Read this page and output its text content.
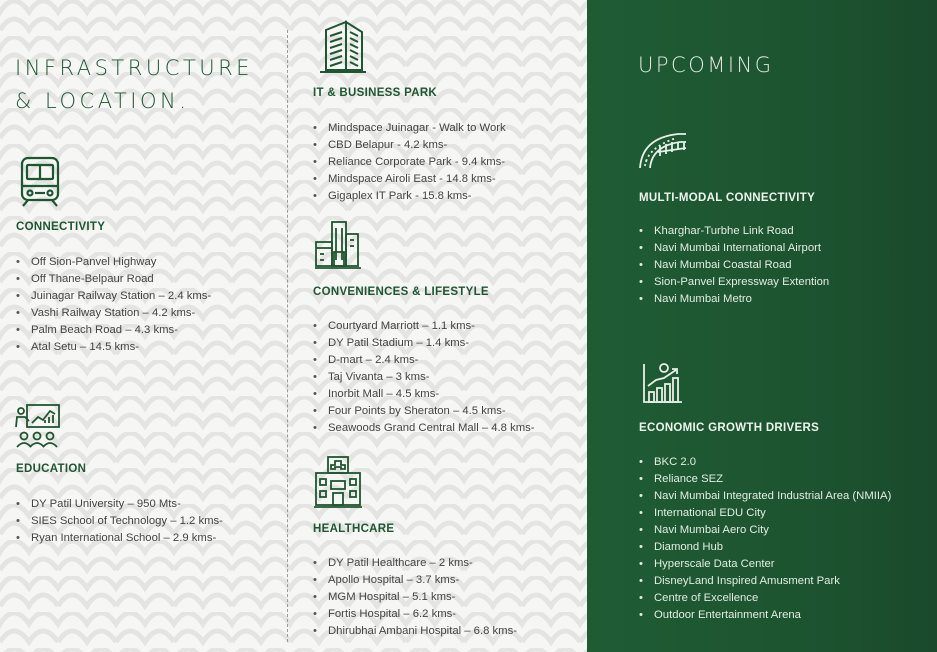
INFRASTRUCTURE
& LOCATION.
CONNECTIVITY
• Off Sion-Panvel Highway
• Off Thane-Belpaur Road
• Juinagar Railway Station – 2.4 kms-
• Vashi Railway Station – 4.2 kms-
• Palm Beach Road – 4.3 kms-
• Atal Setu – 14.5 kms-
EDUCATION
• DY Patil University – 950 Mts-
• SIES School of Technology – 1.2 kms-
• Ryan International School – 2.9 kms-
IT & BUSINESS PARK
• Mindspace Juinagar - Walk to Work
• CBD Belapur - 4.2 kms-
• Reliance Corporate Park - 9.4 kms-
• Mindspace Airoli East - 14.8 kms-
• Gigaplex IT Park - 15.8 kms-
CONVENIENCES & LIFESTYLE
• Courtyard Marriott – 1.1 kms-
• DY Patil Stadium – 1.4 kms-
• D-mart – 2.4 kms-
• Taj Vivanta – 3 kms-
• Inorbit Mall – 4.5 kms-
• Four Points by Sheraton – 4.5 kms-
• Seawoods Grand Central Mall – 4.8 kms-
HEALTHCARE
• DY Patil Healthcare – 2 kms-
• Apollo Hospital – 3.7 kms-
• MGM Hospital – 5.1 kms-
• Fortis Hospital – 6.2 kms-
• Dhirubhai Ambani Hospital – 6.8 kms-
UPCOMING
MULTI-MODAL CONNECTIVITY
• Kharghar-Turbhe Link Road
• Navi Mumbai International Airport
• Navi Mumbai Coastal Road
• Sion-Panvel Expressway Extention
• Navi Mumbai Metro
ECONOMIC GROWTH DRIVERS
• BKC 2.0
• Reliance SEZ
• Navi Mumbai Integrated Industrial Area (NMIIA)
• International EDU City
• Navi Mumbai Aero City
• Diamond Hub
• Hyperscale Data Center
• DisneyLand Inspired Amusment Park
• Centre of Excellence
• Outdoor Entertainment Arena
